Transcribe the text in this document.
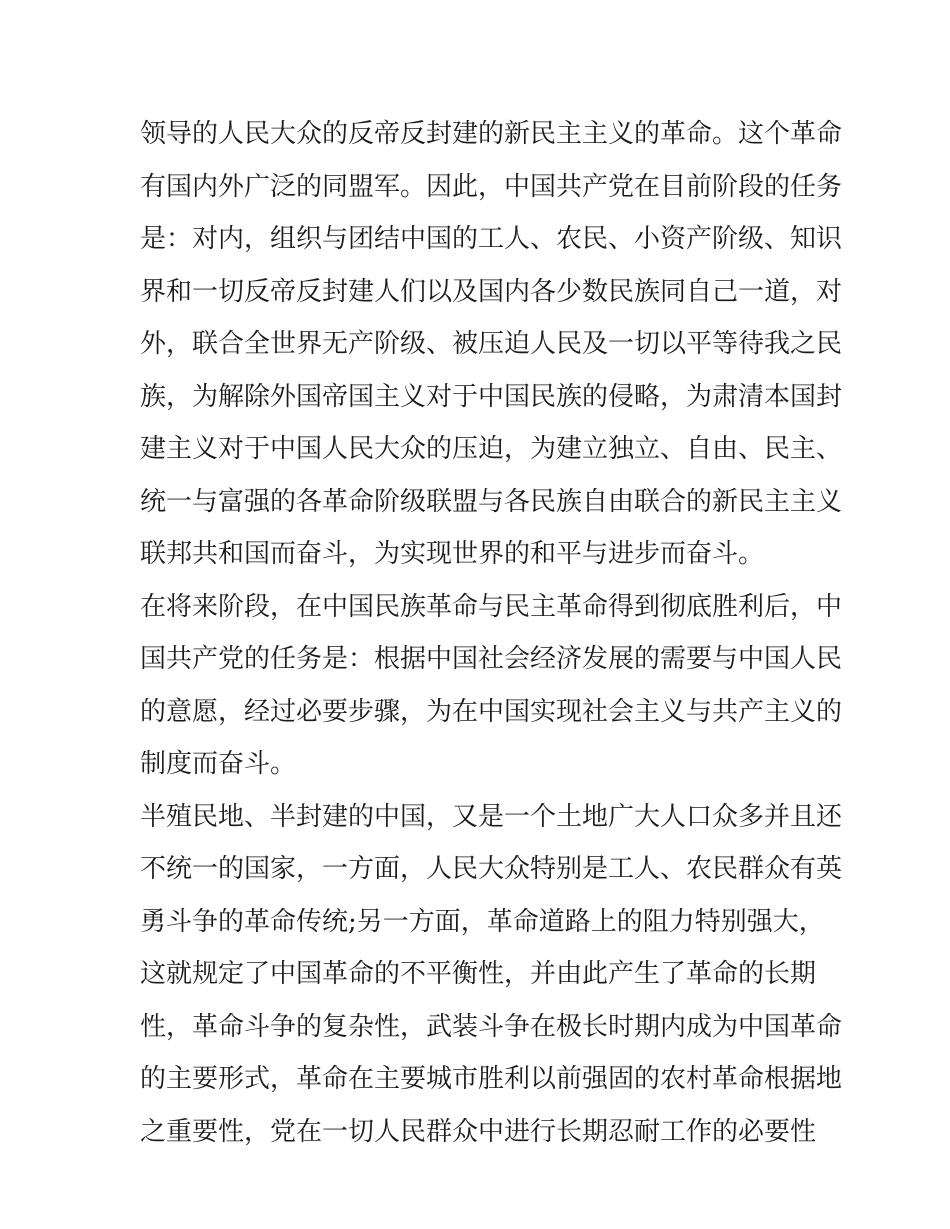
领导的人民大众的反帝反封建的新民主主义的革命。这个革命
有国内外广泛的同盟军。因此，中国共产党在目前阶段的任务
是：对内，组织与团结中国的工人、农民、小资产阶级、知识
界和一切反帝反封建人们以及国内各少数民族同自己一道，对
外，联合全世界无产阶级、被压迫人民及一切以平等待我之民
族，为解除外国帝国主义对于中国民族的侵略，为肃清本国封
建主义对于中国人民大众的压迫，为建立独立、自由、民主、
统一与富强的各革命阶级联盟与各民族自由联合的新民主主义
联邦共和国而奋斗，为实现世界的和平与进步而奋斗。
在将来阶段，在中国民族革命与民主革命得到彻底胜利后，中
国共产党的任务是：根据中国社会经济发展的需要与中国人民
的意愿，经过必要步骤，为在中国实现社会主义与共产主义的
制度而奋斗。
半殖民地、半封建的中国，又是一个土地广大人口众多并且还
不统一的国家，一方面，人民大众特别是工人、农民群众有英
勇斗争的革命传统;另一方面，革命道路上的阻力特别强大，
这就规定了中国革命的不平衡性，并由此产生了革命的长期
性，革命斗争的复杂性，武装斗争在极长时期内成为中国革命
的主要形式，革命在主要城市胜利以前强固的农村革命根据地
之重要性，党在一切人民群众中进行长期忍耐工作的必要性
